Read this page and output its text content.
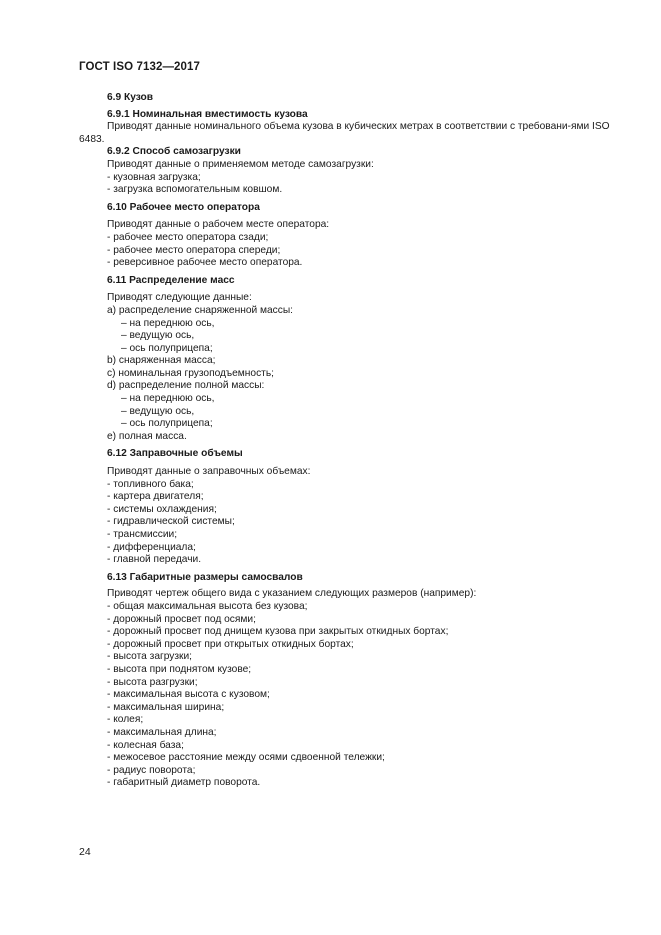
ГОСТ ISO 7132—2017
6.9 Кузов
6.9.1 Номинальная вместимость кузова
Приводят данные номинального объема кузова в кубических метрах в соответствии с требовани-ями ISO 6483.
6.9.2 Способ самозагрузки
Приводят данные о применяемом методе самозагрузки:
- кузовная загрузка;
- загрузка вспомогательным ковшом.
6.10 Рабочее место оператора
Приводят данные о рабочем месте оператора:
- рабочее место оператора сзади;
- рабочее место оператора спереди;
- реверсивное рабочее место оператора.
6.11 Распределение масс
Приводят следующие данные:
а) распределение снаряженной массы:
– на переднюю ось,
– ведущую ось,
– ось полуприцепа;
b) снаряженная масса;
с) номинальная грузоподъемность;
d) распределение полной массы:
– на переднюю ось,
– ведущую ось,
– ось полуприцепа;
е) полная масса.
6.12 Заправочные объемы
Приводят данные о заправочных объемах:
- топливного бака;
- картера двигателя;
- системы охлаждения;
- гидравлической системы;
- трансмиссии;
- дифференциала;
- главной передачи.
6.13 Габаритные размеры самосвалов
Приводят чертеж общего вида с указанием следующих размеров (например):
- общая максимальная высота без кузова;
- дорожный просвет под осями;
- дорожный просвет под днищем кузова при закрытых откидных бортах;
- дорожный просвет при открытых откидных бортах;
- высота загрузки;
- высота при поднятом кузове;
- высота разгрузки;
- максимальная высота с кузовом;
- максимальная ширина;
- колея;
- максимальная длина;
- колесная база;
- межосевое расстояние между осями сдвоенной тележки;
- радиус поворота;
- габаритный диаметр поворота.
24
